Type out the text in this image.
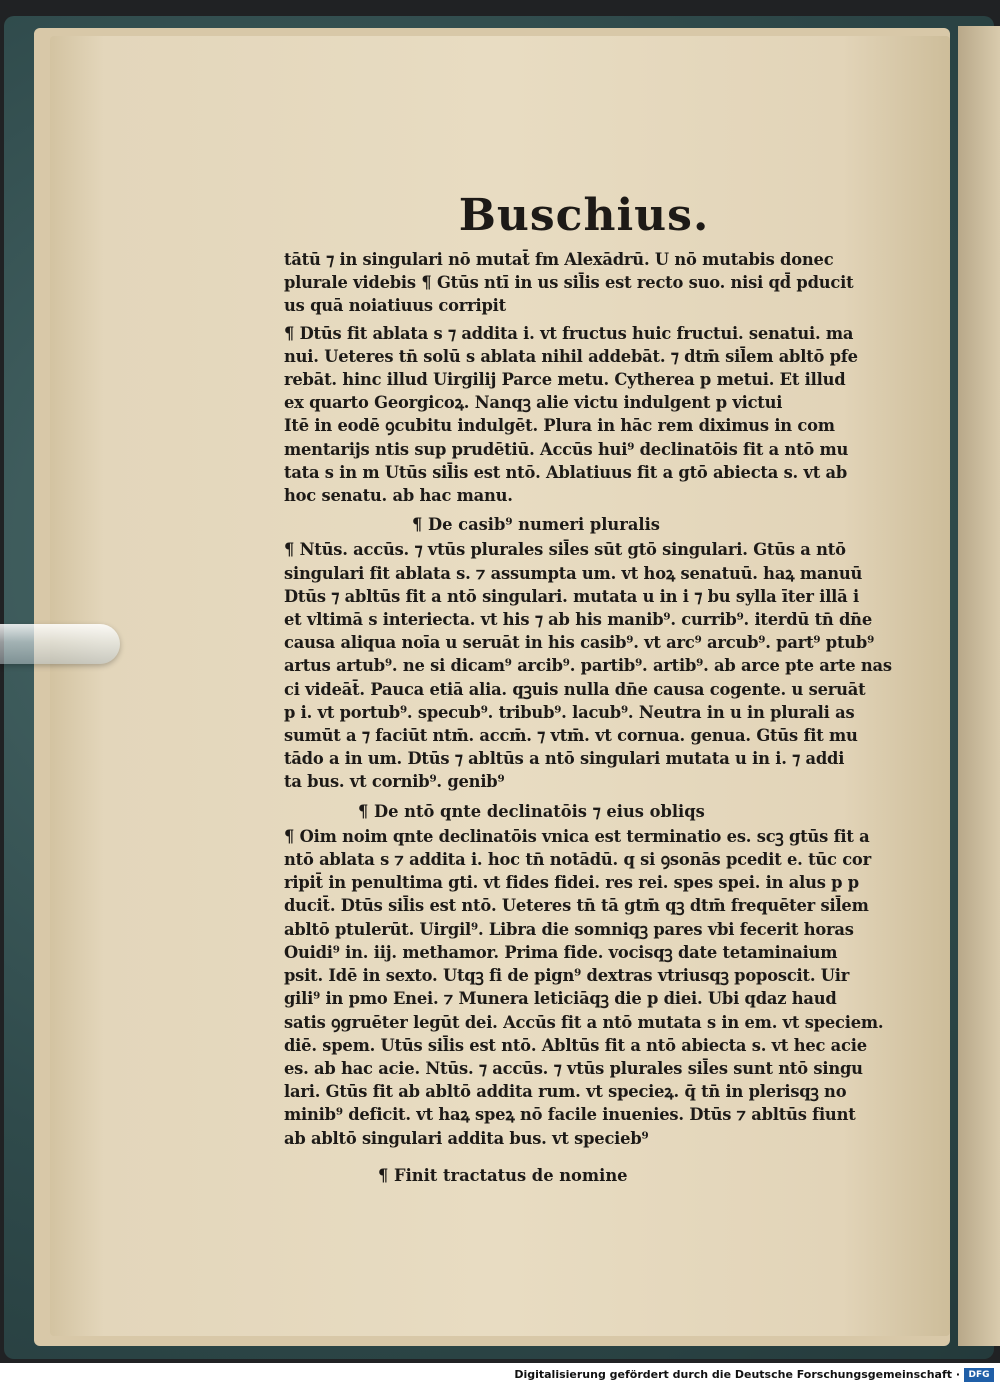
Buschius.
tātū ⁊ in singulari nō mutat̄ fm Alexādrū. U nō mutabis donec
plurale videbis ¶ Gtūs ntī in us sil̄is est recto suo. nisi qd̄ pducit
us quā noiatiuus corripit
¶ Dtūs fit ablata s ⁊ addita i. vt fructus huic fructui. senatui. ma
nui. Ueteres tn̄ solū s ablata nihil addebāt. ⁊ dtm̄ sil̄em abltō pfe
rebāt. hinc illud Uirgilij Parce metu. Cytherea p metui. Et illud
ex quarto Georgicoꝝ. Nanqꝫ alie victu indulgent p victui
Itē in eodē ꝯcubitu indulgēt. Plura in hāc rem diximus in com
mentarijs ntis sup prudētiū. Accūs hui⁹ declinatōis fit a ntō mu
tata s in m Utūs sil̄is est ntō. Ablatiuus fit a gtō abiecta s. vt ab
hoc senatu. ab hac manu.
¶ De casib⁹ numeri pluralis
¶ Ntūs. accūs. ⁊ vtūs plurales sil̄es sūt gtō singulari. Gtūs a ntō
singulari fit ablata s. ⁊ assumpta um. vt hoꝝ senatuū. haꝝ manuū
Dtūs ⁊ abltūs fit a ntō singulari. mutata u in i ⁊ bu sylla īter illā i
et vltimā s interiecta. vt his ⁊ ab his manib⁹. currib⁹. iterdū tn̄ dn̄e
causa aliqua noīa u seruāt in his casib⁹. vt arc⁹ arcub⁹. part⁹ ptub⁹
artus artub⁹. ne si dicam⁹ arcib⁹. partib⁹. artib⁹. ab arce pte arte nas
ci videāt̄. Pauca etiā alia. qꝫuis nulla dn̄e causa cogente. u seruāt
p i. vt portub⁹. specub⁹. tribub⁹. lacub⁹. Neutra in u in plurali as
sumūt a ⁊ faciūt ntm̄. accm̄. ⁊ vtm̄. vt cornua. genua. Gtūs fit mu
tādo a in um. Dtūs ⁊ abltūs a ntō singulari mutata u in i. ⁊ addi
ta bus. vt cornib⁹. genib⁹
¶ De ntō qnte declinatōis ⁊ eius obliqs
¶ Oim noim qnte declinatōis vnica est terminatio es. scꝫ gtūs fit a
ntō ablata s ⁊ addita i. hoc tn̄ notādū. q si ꝯsonās pcedit e. tūc cor
ripit̄ in penultima gti. vt fides fidei. res rei. spes spei. in alus p p
ducit̄. Dtūs sil̄is est ntō. Ueteres tn̄ tā gtm̄ qꝫ dtm̄ frequēter sil̄em
abltō ptulerūt. Uirgil⁹. Libra die somniqꝫ pares vbi fecerit horas
Ouidi⁹ in. iij. methamor. Prima fide. vocisqꝫ date tetaminaium
psit. Idē in sexto. Utqꝫ fi de pign⁹ dextras vtriusqꝫ poposcit. Uir
gili⁹ in pmo Enei. ⁊ Munera leticiāqꝫ die p diei. Ubi qdaz haud
satis ꝯgruēter legūt dei. Accūs fit a ntō mutata s in em. vt speciem.
diē. spem. Utūs sil̄is est ntō. Abltūs fit a ntō abiecta s. vt hec acie
es. ab hac acie. Ntūs. ⁊ accūs. ⁊ vtūs plurales sil̄es sunt ntō singu
lari. Gtūs fit ab abltō addita rum. vt specieꝝ. q̄ tn̄ in plerisqꝫ no
minib⁹ deficit. vt haꝝ speꝝ nō facile inuenies. Dtūs ⁊ abltūs fiunt
ab abltō singulari addita bus. vt specieb⁹
¶ Finit tractatus de nomine
Digitalisierung gefördert durch die Deutsche Forschungsgemeinschaft · DFG
